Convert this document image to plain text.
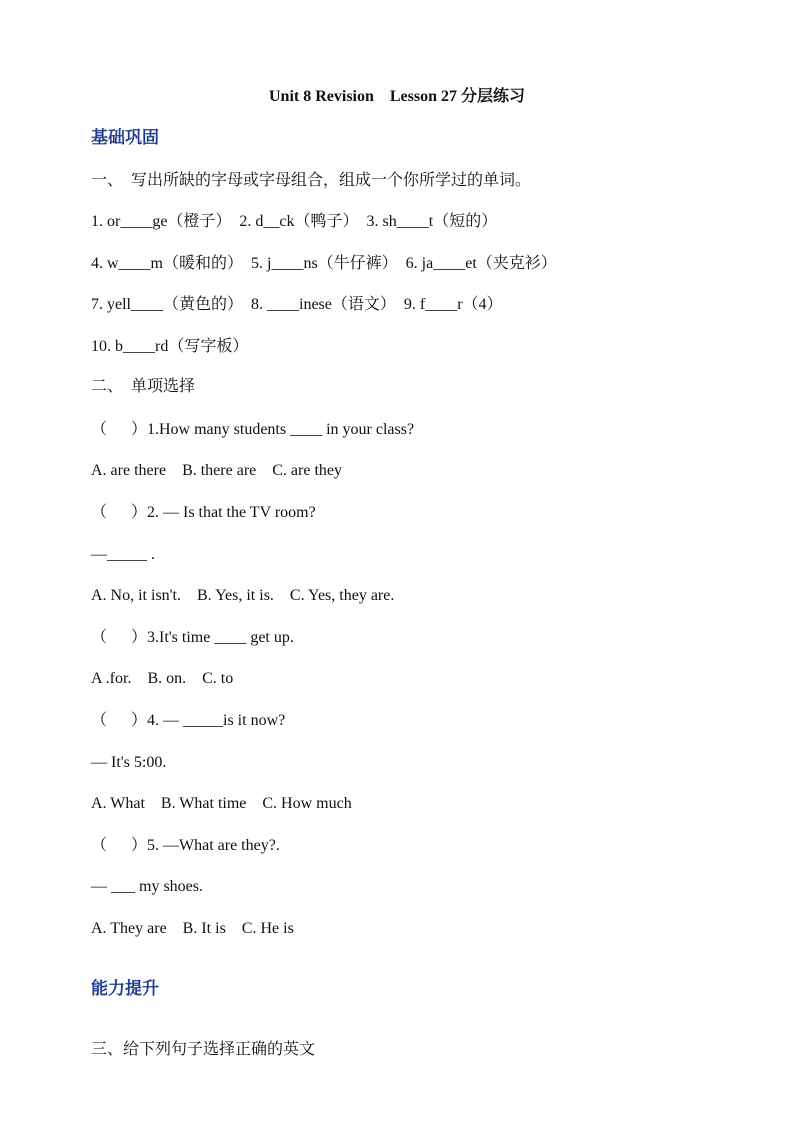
Unit 8 Revision    Lesson 27 分层练习
基础巩固
一、  写出所缺的字母或字母组合，组成一个你所学过的单词。
1. or____ge（橙子）  2. d__ck（鸭子）  3. sh____t（短的）
4. w____m（暖和的）  5. j____ns（牛仔裤）  6. ja____et（夹克衫）
7. yell____（黄色的）  8. ____inese（语文）  9. f____r（4）
10. b____rd（写字板）
二、  单项选择
（      ）1.How many students ____ in your class?
A. are there    B. there are    C. are they
（      ）2. — Is that the TV room?
—_____ .
A. No, it isn't.    B. Yes, it is.    C. Yes, they are.
（      ）3.It's time ____ get up.
A .for.    B. on.    C. to
（      ）4. — _____is it now?
— It's 5:00.
A. What    B. What time    C. How much
（      ）5. —What are they?.
— ___ my shoes.
A. They are    B. It is    C. He is
能力提升
三、给下列句子选择正确的英文
